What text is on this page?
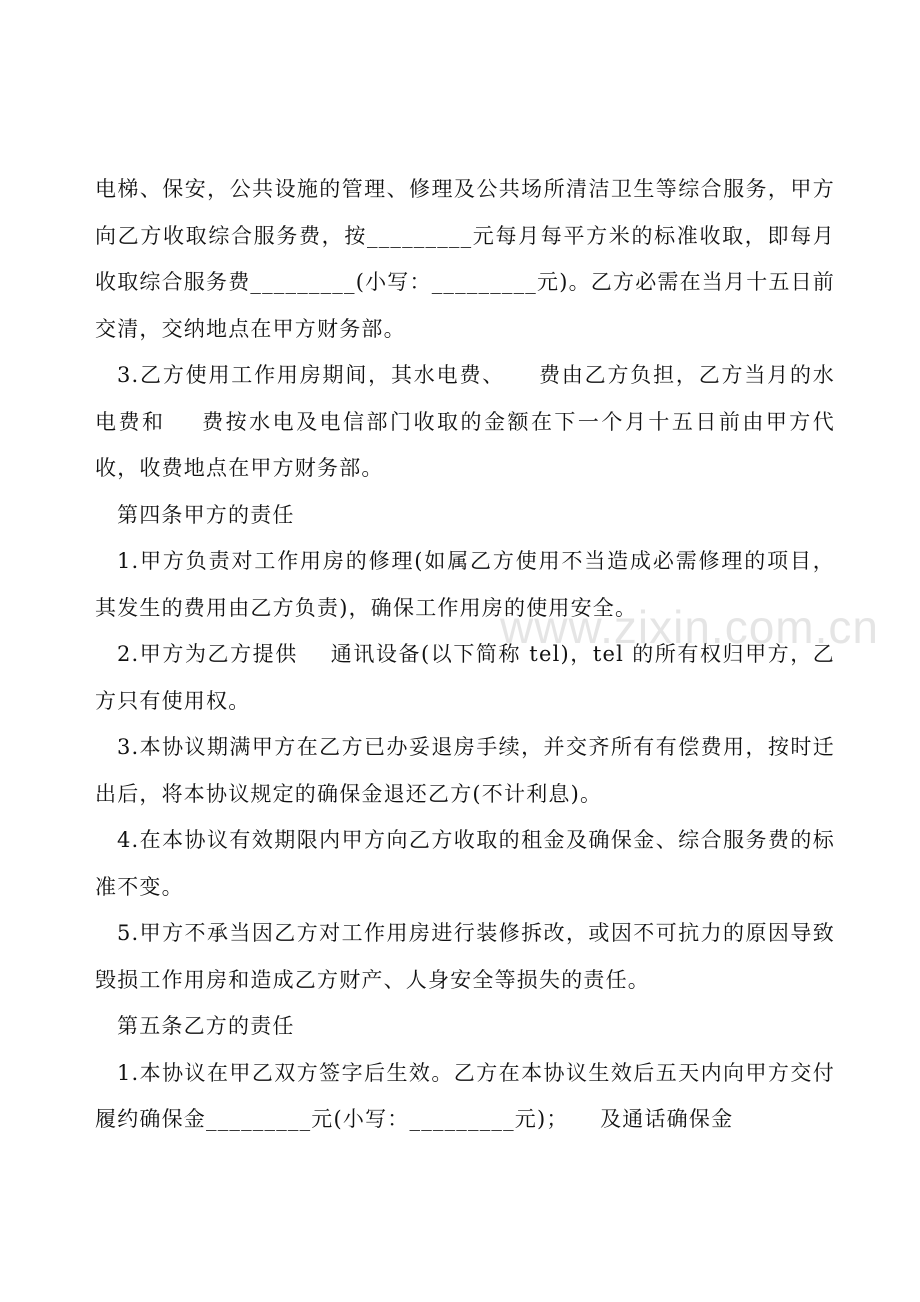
电梯、保安，公共设施的管理、修理及公共场所清洁卫生等综合服务，甲方向乙方收取综合服务费，按_________元每月每平方米的标准收取，即每月收取综合服务费_________(小写：_________元)。乙方必需在当月十五日前交清，交纳地点在甲方财务部。

3.乙方使用工作用房期间，其水电费、    费由乙方负担，乙方当月的水电费和    费按水电及电信部门收取的金额在下一个月十五日前由甲方代收，收费地点在甲方财务部。

第四条甲方的责任

1.甲方负责对工作用房的修理(如属乙方使用不当造成必需修理的项目，其发生的费用由乙方负责)，确保工作用房的使用安全。

2.甲方为乙方提供    通讯设备(以下简称 tel)，tel 的所有权归甲方，乙方只有使用权。

3.本协议期满甲方在乙方已办妥退房手续，并交齐所有有偿费用，按时迁出后，将本协议规定的确保金退还乙方(不计利息)。

4.在本协议有效期限内甲方向乙方收取的租金及确保金、综合服务费的标准不变。

5.甲方不承当因乙方对工作用房进行装修拆改，或因不可抗力的原因导致毁损工作用房和造成乙方财产、人身安全等损失的责任。

第五条乙方的责任

1.本协议在甲乙双方签字后生效。乙方在本协议生效后五天内向甲方交付履约确保金_________元(小写：_________元)；    及通话确保金

www.zixin.com.cn
